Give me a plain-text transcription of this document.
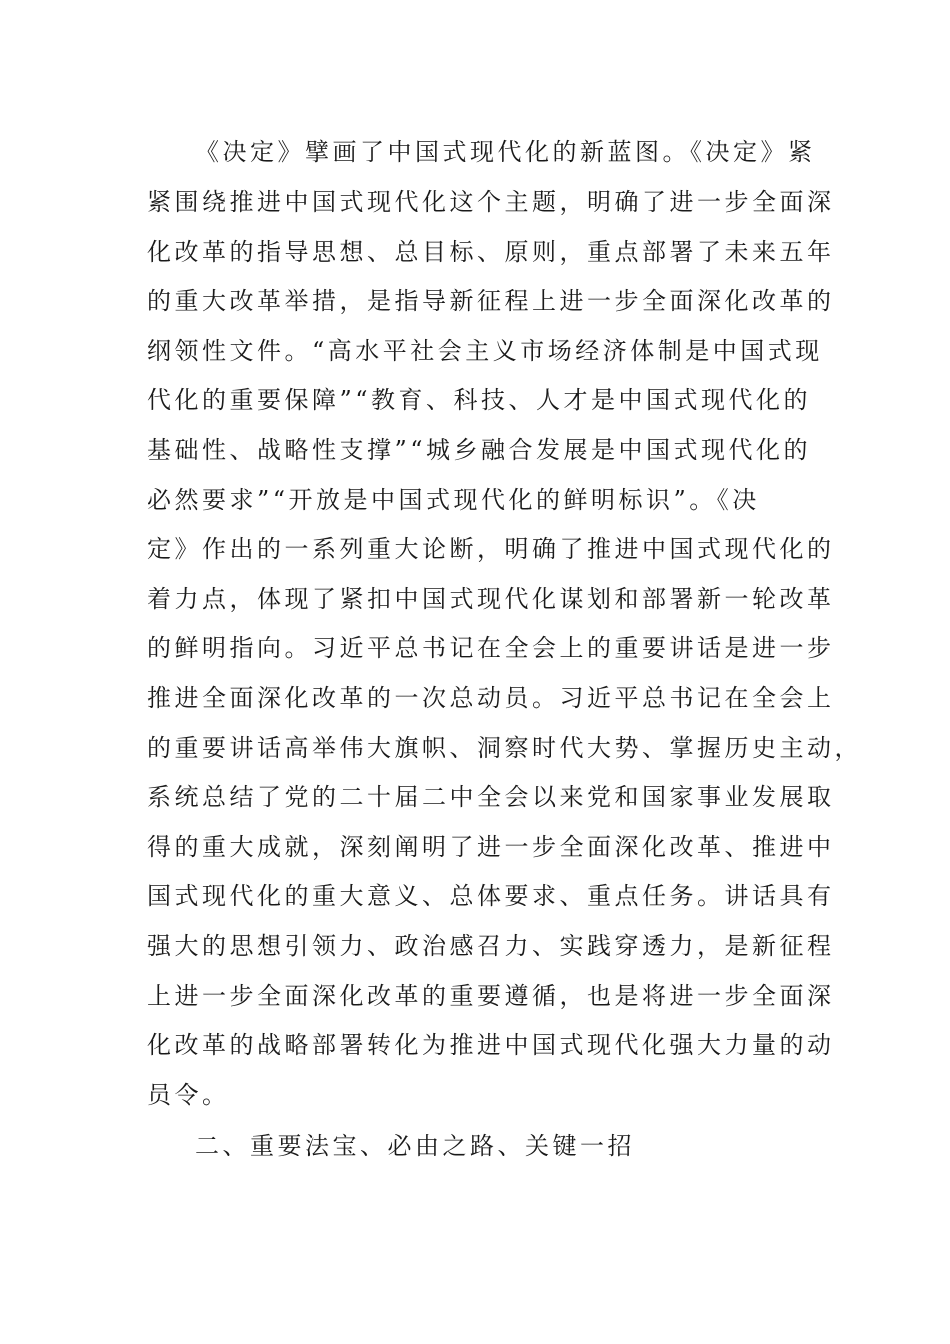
《决定》擘画了中国式现代化的新蓝图。《决定》紧
紧围绕推进中国式现代化这个主题，明确了进一步全面深
化改革的指导思想、总目标、原则，重点部署了未来五年
的重大改革举措，是指导新征程上进一步全面深化改革的
纲领性文件。“高水平社会主义市场经济体制是中国式现
代化的重要保障”“教育、科技、人才是中国式现代化的
基础性、战略性支撑”“城乡融合发展是中国式现代化的
必然要求”“开放是中国式现代化的鲜明标识”。《决
定》作出的一系列重大论断，明确了推进中国式现代化的
着力点，体现了紧扣中国式现代化谋划和部署新一轮改革
的鲜明指向。习近平总书记在全会上的重要讲话是进一步
推进全面深化改革的一次总动员。习近平总书记在全会上
的重要讲话高举伟大旗帜、洞察时代大势、掌握历史主动，
系统总结了党的二十届二中全会以来党和国家事业发展取
得的重大成就，深刻阐明了进一步全面深化改革、推进中
国式现代化的重大意义、总体要求、重点任务。讲话具有
强大的思想引领力、政治感召力、实践穿透力，是新征程
上进一步全面深化改革的重要遵循，也是将进一步全面深
化改革的战略部署转化为推进中国式现代化强大力量的动
员令。
二、重要法宝、必由之路、关键一招
